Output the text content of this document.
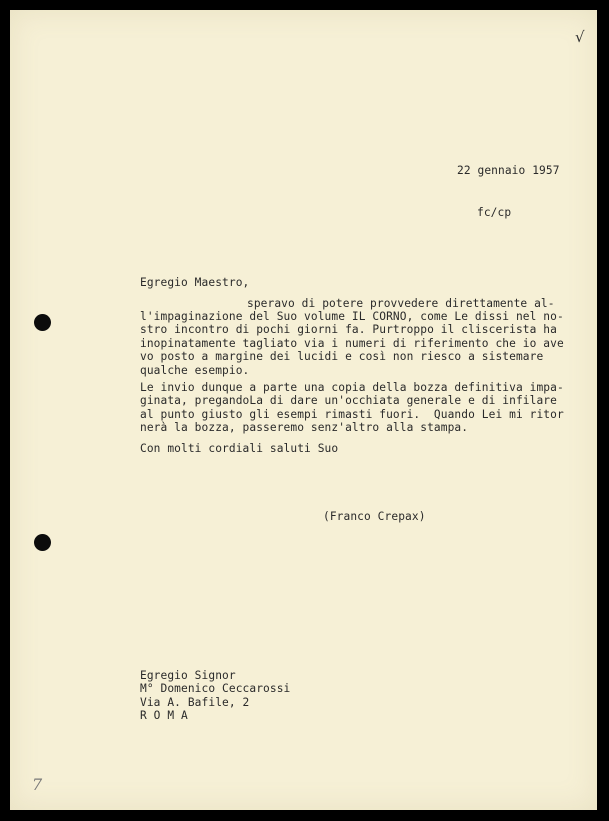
22 gennaio 1957
fc/cp
Egregio Maestro,
speravo di potere provvedere direttamente al-
l'impaginazione del Suo volume IL CORNO, come Le dissi nel no-
stro incontro di pochi giorni fa. Purtroppo il cliscerista ha
inopinatamente tagliato via i numeri di riferimento che io ave
vo posto a margine dei lucidi e così non riesco a sistemare
qualche esempio.
Le invio dunque a parte una copia della bozza definitiva impa-
ginata, pregandoLa di dare un'occhiata generale e di infilare
al punto giusto gli esempi rimasti fuori.  Quando Lei mi ritor
nerà la bozza, passeremo senz'altro alla stampa.
Con molti cordiali saluti Suo
(Franco Crepax)
Egregio Signor
M° Domenico Ceccarossi
Via A. Bafile, 2
R O M A
√
7
